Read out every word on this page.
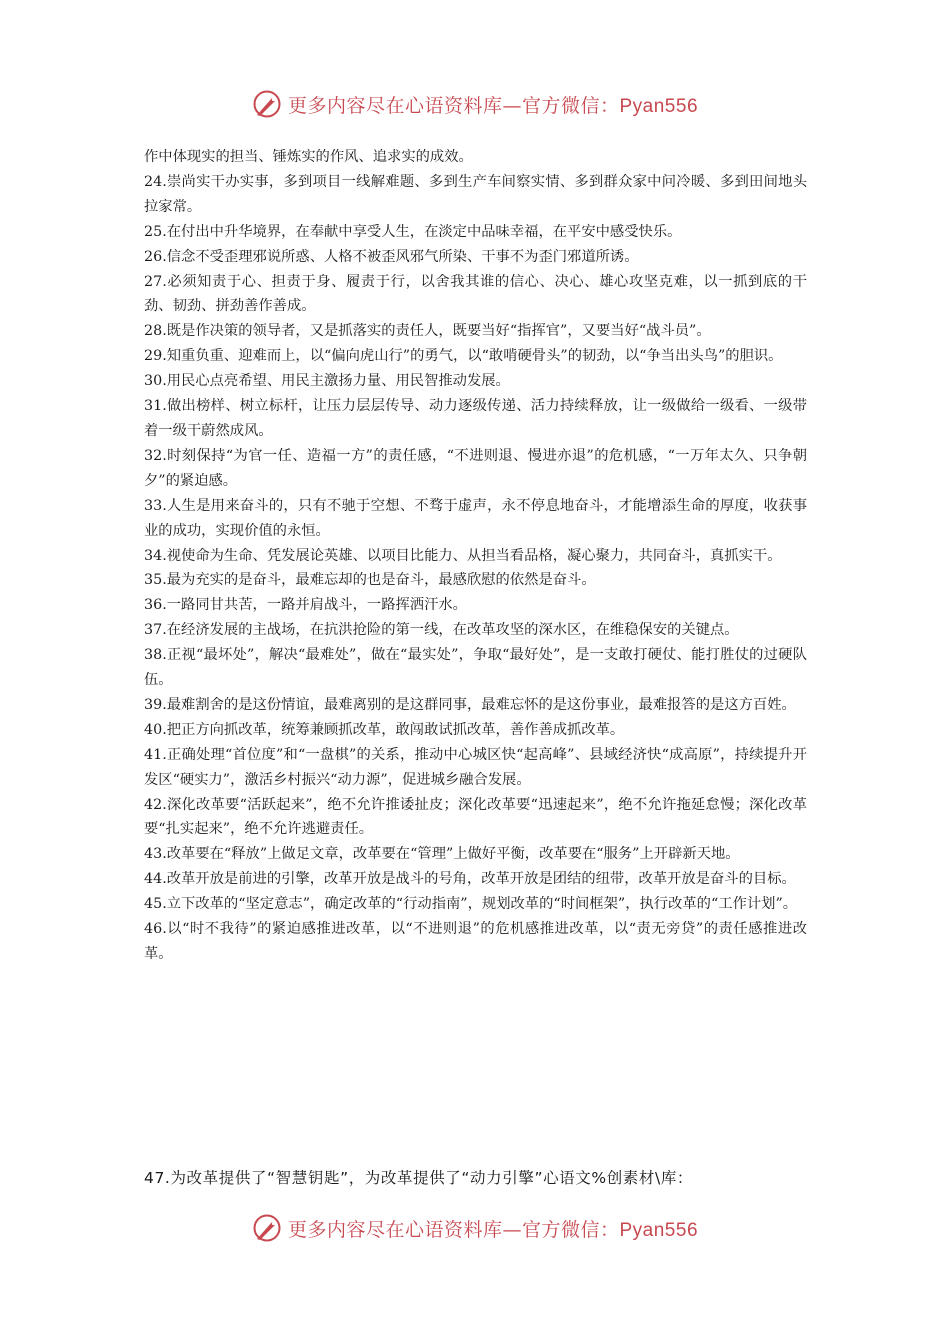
更多内容尽在心语资料库—官方微信：Pyan556

作中体现实的担当、锤炼实的作风、追求实的成效。

24.崇尚实干办实事，多到项目一线解难题、多到生产车间察实情、多到群众家中问冷暖、多到田间地头拉家常。

25.在付出中升华境界，在奉献中享受人生，在淡定中品味幸福，在平安中感受快乐。

26.信念不受歪理邪说所惑、人格不被歪风邪气所染、干事不为歪门邪道所诱。

27.必须知责于心、担责于身、履责于行，以舍我其谁的信心、决心、雄心攻坚克难，以一抓到底的干劲、韧劲、拼劲善作善成。

28.既是作决策的领导者，又是抓落实的责任人，既要当好“指挥官”，又要当好“战斗员”。

29.知重负重、迎难而上，以“偏向虎山行”的勇气，以“敢啃硬骨头”的韧劲，以“争当出头鸟”的胆识。

30.用民心点亮希望、用民主激扬力量、用民智推动发展。

31.做出榜样、树立标杆，让压力层层传导、动力逐级传递、活力持续释放，让一级做给一级看、一级带着一级干蔚然成风。

32.时刻保持“为官一任、造福一方”的责任感，“不进则退、慢进亦退”的危机感，“一万年太久、只争朝夕”的紧迫感。

33.人生是用来奋斗的，只有不驰于空想、不骛于虚声，永不停息地奋斗，才能增添生命的厚度，收获事业的成功，实现价值的永恒。

34.视使命为生命、凭发展论英雄、以项目比能力、从担当看品格，凝心聚力，共同奋斗，真抓实干。

35.最为充实的是奋斗，最难忘却的也是奋斗，最感欣慰的依然是奋斗。

36.一路同甘共苦，一路并肩战斗，一路挥洒汗水。

37.在经济发展的主战场，在抗洪抢险的第一线，在改革攻坚的深水区，在维稳保安的关键点。

38.正视“最坏处”，解决“最难处”，做在“最实处”，争取“最好处”，是一支敢打硬仗、能打胜仗的过硬队伍。

39.最难割舍的是这份情谊，最难离别的是这群同事，最难忘怀的是这份事业，最难报答的是这方百姓。

40.把正方向抓改革，统筹兼顾抓改革，敢闯敢试抓改革，善作善成抓改革。

41.正确处理“首位度”和“一盘棋”的关系，推动中心城区快“起高峰”、县域经济快“成高原”，持续提升开发区“硬实力”，激活乡村振兴“动力源”，促进城乡融合发展。

42.深化改革要“活跃起来”，绝不允许推诿扯皮；深化改革要“迅速起来”，绝不允许拖延怠慢；深化改革要“扎实起来”，绝不允许逃避责任。

43.改革要在“释放”上做足文章，改革要在“管理”上做好平衡，改革要在“服务”上开辟新天地。

44.改革开放是前进的引擎，改革开放是战斗的号角，改革开放是团结的纽带，改革开放是奋斗的目标。

45.立下改革的“坚定意志”，确定改革的“行动指南”，规划改革的“时间框架”，执行改革的“工作计划”。

46.以“时不我待”的紧迫感推进改革，以“不进则退”的危机感推进改革，以“责无旁贷”的责任感推进改革。

47.为改革提供了“智慧钥匙”，为改革提供了“动力引擎”心语文%创素材\库：
更多内容尽在心语资料库—官方微信：Pyan556
